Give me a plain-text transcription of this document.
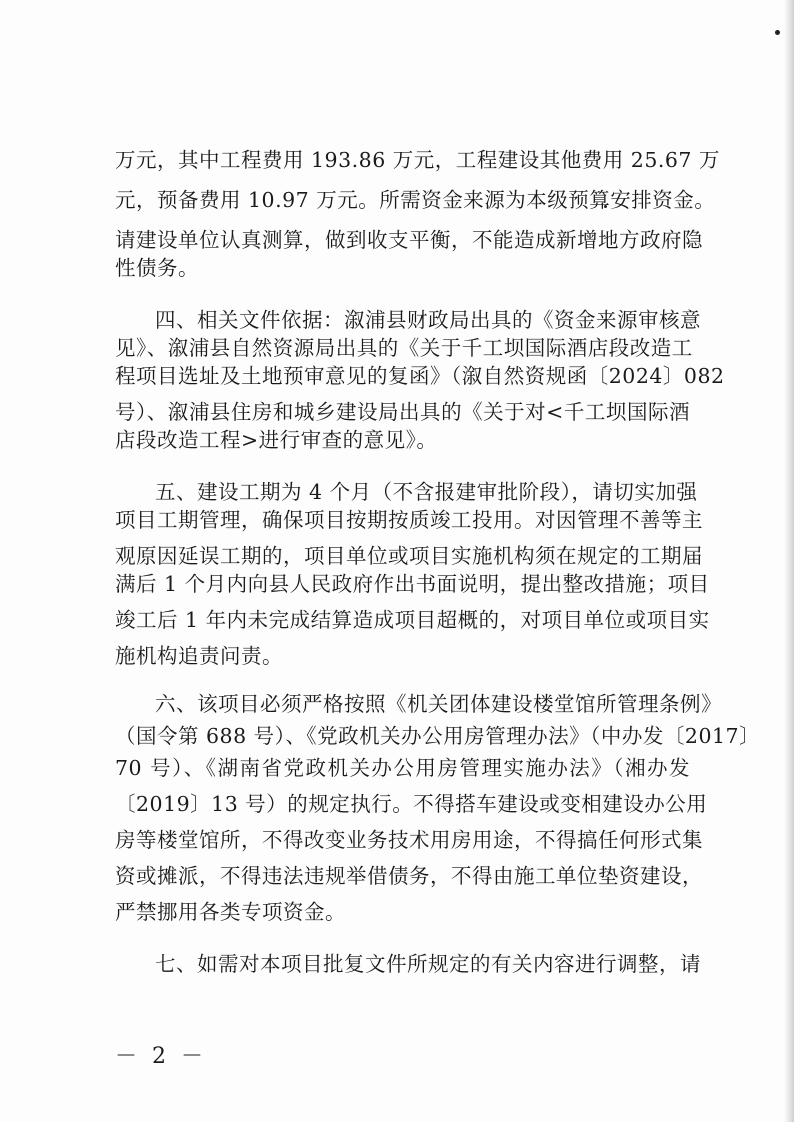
万元，其中工程费用 193.86 万元，工程建设其他费用 25.67 万
元，预备费用 10.97 万元。所需资金来源为本级预算安排资金。
请建设单位认真测算，做到收支平衡，不能造成新增地方政府隐
性债务。
四、相关文件依据：溆浦县财政局出具的《资金来源审核意
见》、溆浦县自然资源局出具的《关于千工坝国际酒店段改造工
程项目选址及土地预审意见的复函》（溆自然资规函〔2024〕082
号）、溆浦县住房和城乡建设局出具的《关于对<千工坝国际酒
店段改造工程>进行审查的意见》。
五、建设工期为 4 个月（不含报建审批阶段），请切实加强
项目工期管理，确保项目按期按质竣工投用。对因管理不善等主
观原因延误工期的，项目单位或项目实施机构须在规定的工期届
满后 1 个月内向县人民政府作出书面说明，提出整改措施；项目
竣工后 1 年内未完成结算造成项目超概的，对项目单位或项目实
施机构追责问责。
六、该项目必须严格按照《机关团体建设楼堂馆所管理条例》
（国令第 688 号）、《党政机关办公用房管理办法》（中办发〔2017〕
70 号）、《湖南省党政机关办公用房管理实施办法》（湘办发
〔2019〕13 号）的规定执行。不得搭车建设或变相建设办公用
房等楼堂馆所，不得改变业务技术用房用途，不得搞任何形式集
资或摊派，不得违法违规举借债务，不得由施工单位垫资建设，
严禁挪用各类专项资金。
七、如需对本项目批复文件所规定的有关内容进行调整，请
－ 2 －
